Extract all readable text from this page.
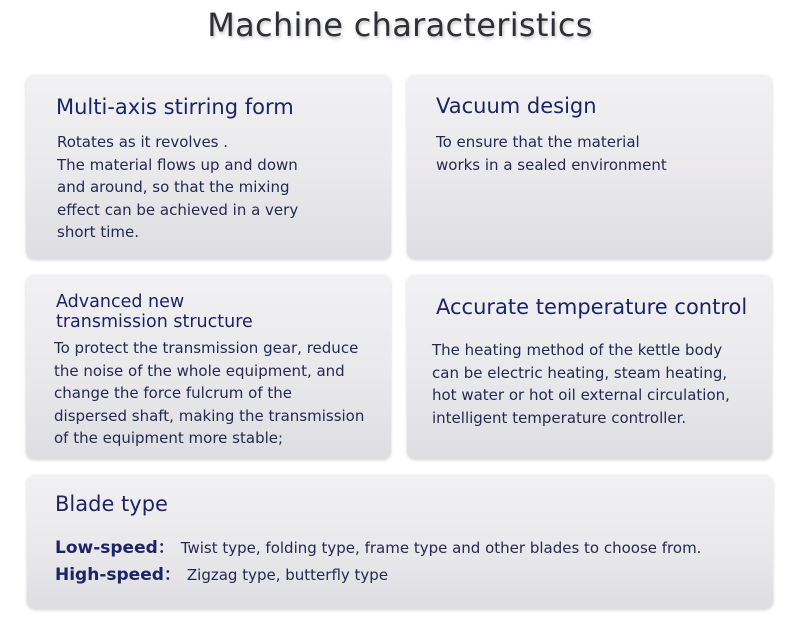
Machine characteristics
Multi-axis stirring form
Rotates as it revolves .
The material flows up and down
and around, so that the mixing
effect can be achieved in a very
short time.
Vacuum design
To ensure that the material
works in a sealed environment
Advanced new
transmission structure
To protect the transmission gear, reduce
the noise of the whole equipment, and
change the force fulcrum of the
dispersed shaft, making the transmission
of the equipment more stable;
Accurate temperature control
The heating method of the kettle body
can be electric heating, steam heating,
hot water or hot oil external circulation,
intelligent temperature controller.
Blade type
Low-speed： Twist type, folding type, frame type and other blades to choose from.
High-speed： Zigzag type, butterfly type
